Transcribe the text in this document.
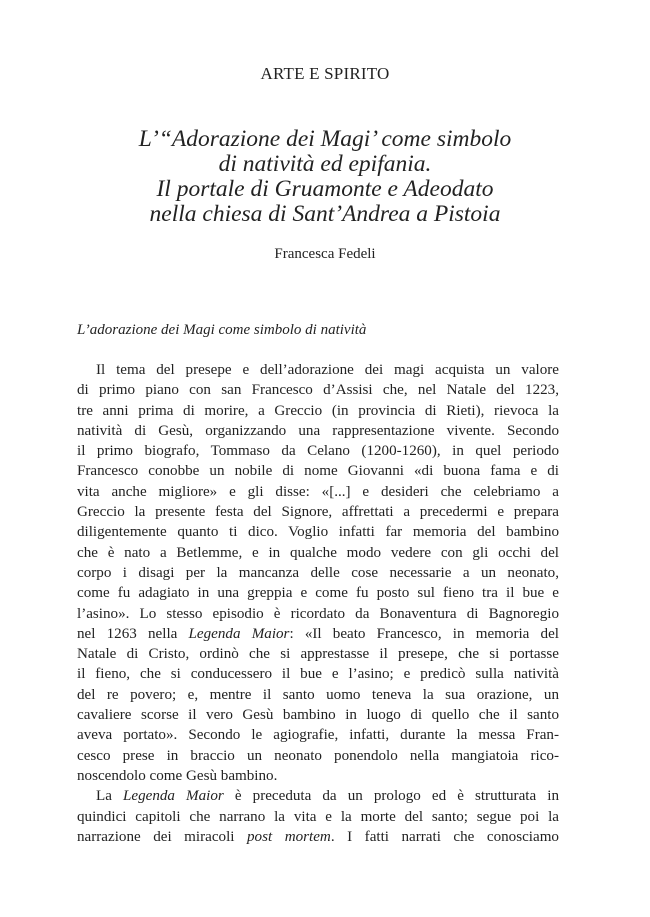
ARTE E SPIRITO
L’“Adorazione dei Magi’ come simbolo
di natività ed epifania.
Il portale di Gruamonte e Adeodato
nella chiesa di Sant’Andrea a Pistoia
Francesca Fedeli
L’adorazione dei Magi come simbolo di natività
Il tema del presepe e dell’adorazione dei magi acquista un valore
di primo piano con san Francesco d’Assisi che, nel Natale del 1223,
tre anni prima di morire, a Greccio (in provincia di Rieti), rievoca la
natività di Gesù, organizzando una rappresentazione vivente. Secondo
il primo biografo, Tommaso da Celano (1200-1260), in quel periodo
Francesco conobbe un nobile di nome Giovanni «di buona fama e di
vita anche migliore» e gli disse: «[...] e desideri che celebriamo a
Greccio la presente festa del Signore, affrettati a precedermi e prepara
diligentemente quanto ti dico. Voglio infatti far memoria del bambino
che è nato a Betlemme, e in qualche modo vedere con gli occhi del
corpo i disagi per la mancanza delle cose necessarie a un neonato,
come fu adagiato in una greppia e come fu posto sul fieno tra il bue e
l’asino». Lo stesso episodio è ricordato da Bonaventura di Bagnoregio
nel 1263 nella Legenda Maior: «Il beato Francesco, in memoria del
Natale di Cristo, ordinò che si apprestasse il presepe, che si portasse
il fieno, che si conducessero il bue e l’asino; e predicò sulla natività
del re povero; e, mentre il santo uomo teneva la sua orazione, un
cavaliere scorse il vero Gesù bambino in luogo di quello che il santo
aveva portato». Secondo le agiografie, infatti, durante la messa Fran-
cesco prese in braccio un neonato ponendolo nella mangiatoia rico-
noscendolo come Gesù bambino.
La Legenda Maior è preceduta da un prologo ed è strutturata in
quindici capitoli che narrano la vita e la morte del santo; segue poi la
narrazione dei miracoli post mortem. I fatti narrati che conosciamo
